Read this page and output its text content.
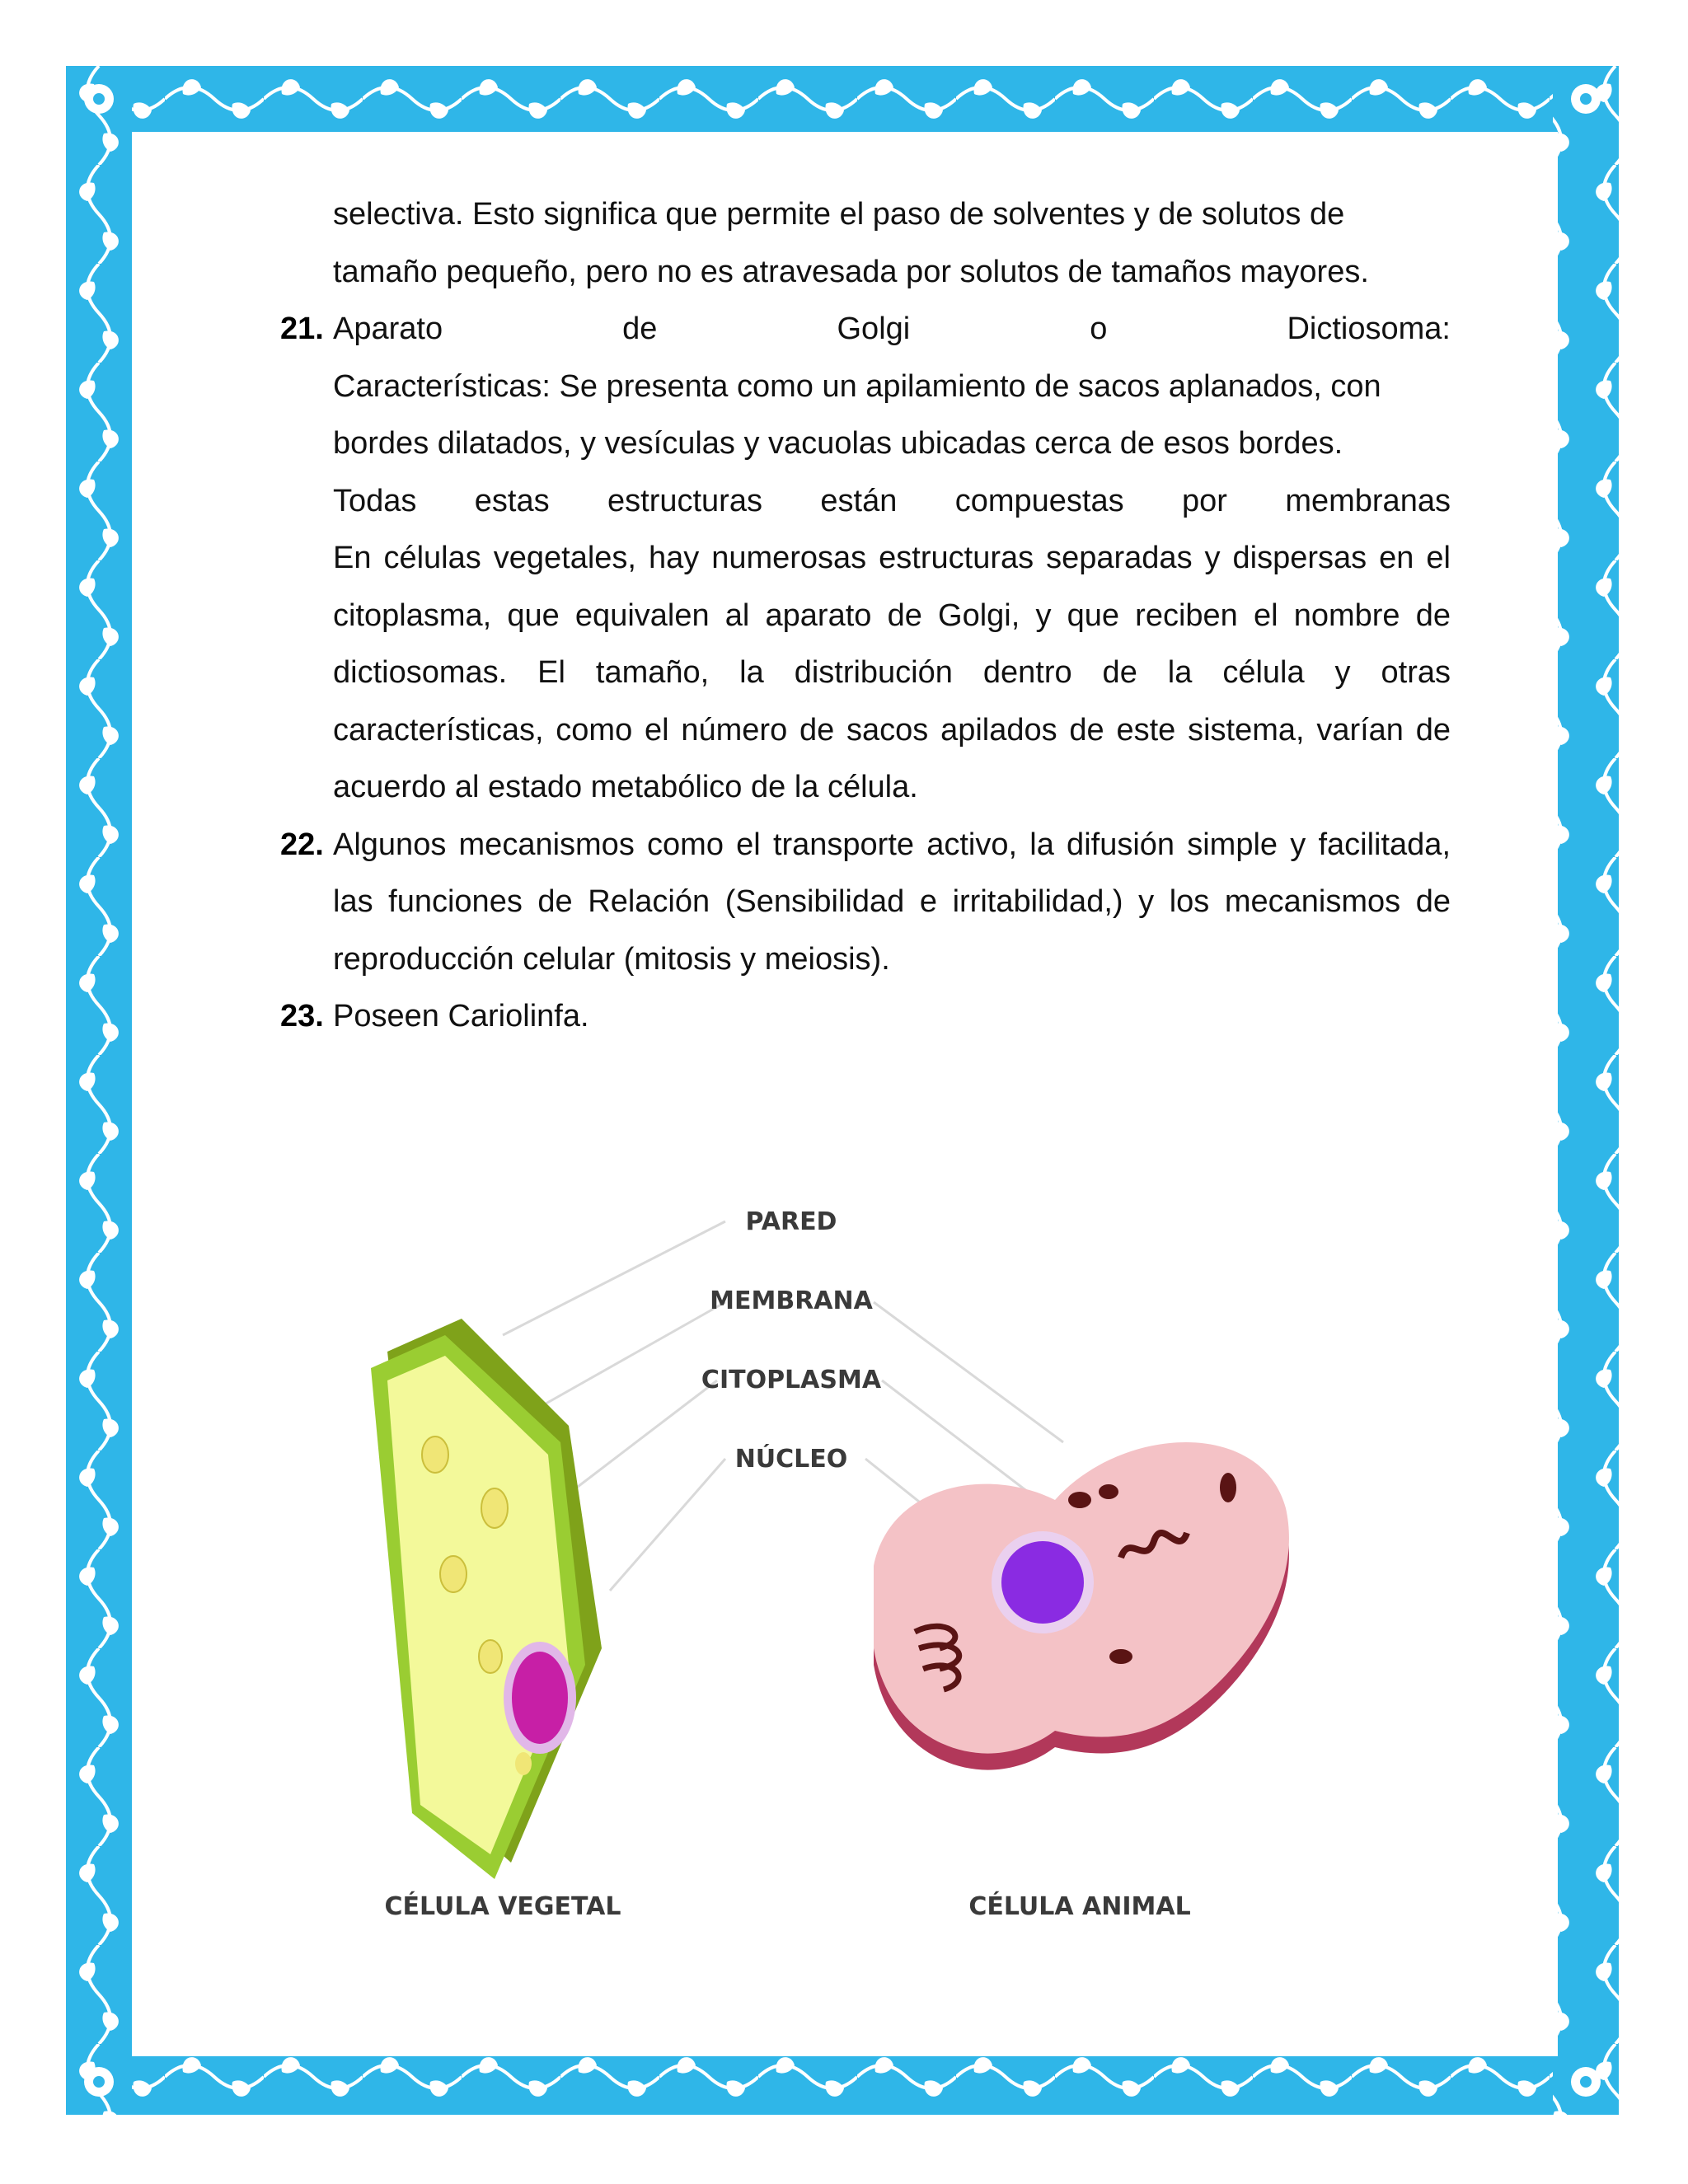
selectiva. Esto significa que permite el paso de solventes y de solutos de
tamaño pequeño, pero no es atravesada por solutos de tamaños mayores.
21. Aparato	de	Golgi	o	Dictiosoma:
Características: Se presenta como un apilamiento de sacos aplanados, con
bordes dilatados, y vesículas y vacuolas ubicadas cerca de esos bordes.
Todas estas estructuras están compuestas por membranas
En células vegetales, hay numerosas estructuras separadas y dispersas en el citoplasma, que equivalen al aparato de Golgi, y que reciben el nombre de dictiosomas. El tamaño, la distribución dentro de la célula y otras características, como el número de sacos apilados de este sistema, varían de acuerdo al estado metabólico de la célula.
22. Algunos mecanismos como el transporte activo, la difusión simple y facilitada, las funciones de Relación (Sensibilidad e irritabilidad,) y los mecanismos de reproducción celular (mitosis y meiosis).
23. Poseen Cariolinfa.
PARED
MEMBRANA
CITOPLASMA
NÚCLEO
CÉLULA VEGETAL	CÉLULA ANIMAL
